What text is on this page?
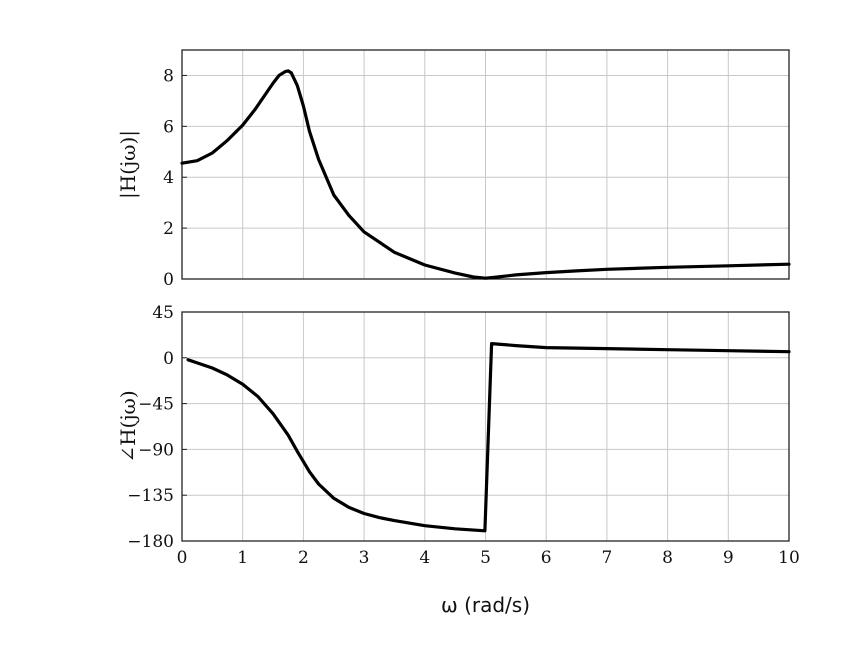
0
2
4
6
8
|H(jω)|
45
0
−45
−90
−135
−180
0	1	2	3	4	5	6	7	8	9	10
∠H(jω)
ω (rad/s)
